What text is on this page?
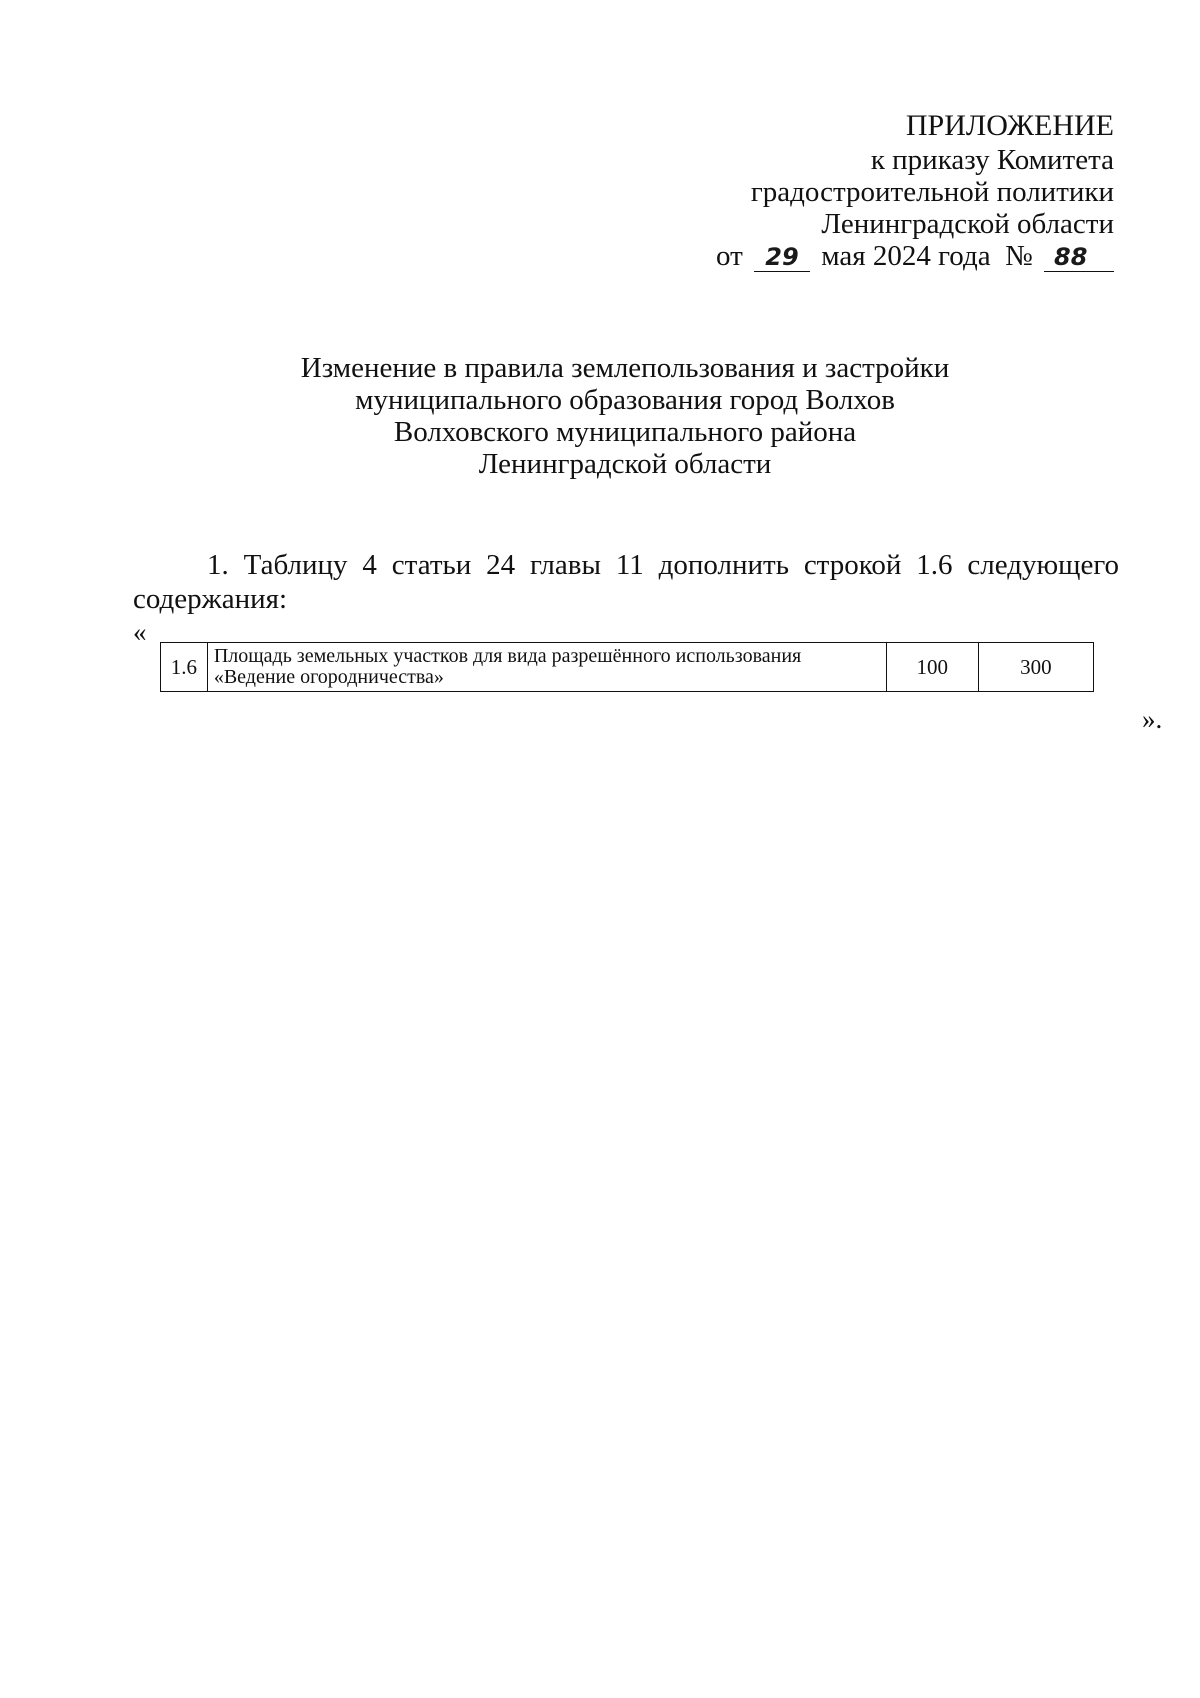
ПРИЛОЖЕНИЕ
к приказу Комитета
градостроительной политики
Ленинградской области
от 29 мая 2024 года № 88
Изменение в правила землепользования и застройки
муниципального образования город Волхов
Волховского муниципального района
Ленинградской области
1. Таблицу 4 статьи 24 главы 11 дополнить строкой 1.6 следующего
содержания:
«
1.6	Площадь земельных участков для вида разрешённого использования
«Ведение огородничества»	100	300
».
